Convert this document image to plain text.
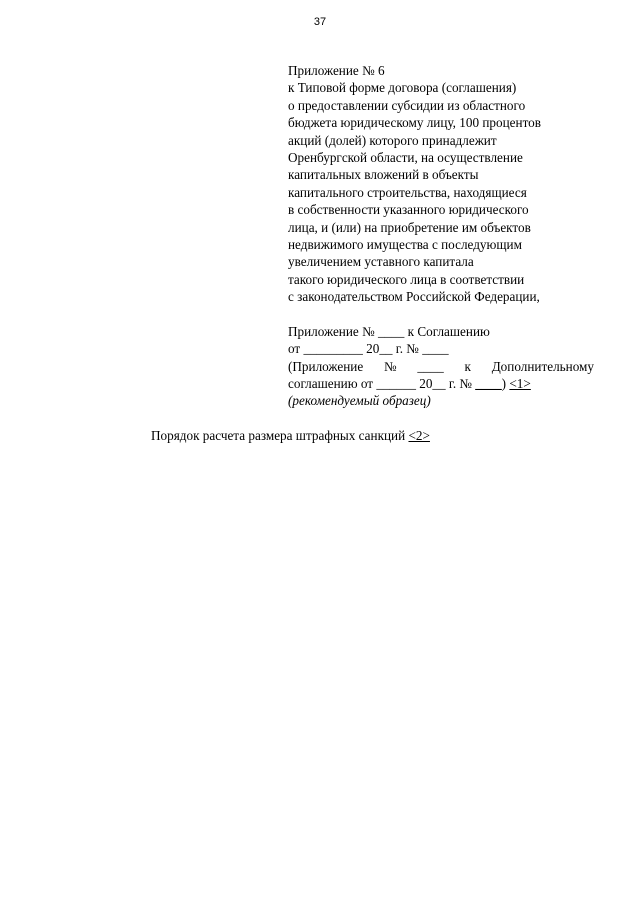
37
Приложение № 6
к Типовой форме договора (соглашения)
о предоставлении субсидии из областного
бюджета юридическому лицу, 100 процентов
акций (долей) которого принадлежит
Оренбургской области, на осуществление
капитальных вложений в объекты
капитального строительства, находящиеся
в собственности указанного юридического
лица, и (или) на приобретение им объектов
недвижимого имущества с последующим
увеличением уставного капитала
такого юридического лица в соответствии
с законодательством Российской Федерации,
Приложение № ____ к Соглашению
от _________ 20__ г. № ____
(Приложение № ____ к Дополнительному
соглашению от ______ 20__ г. № ____) <1>
(рекомендуемый образец)
Порядок расчета размера штрафных санкций <2>
